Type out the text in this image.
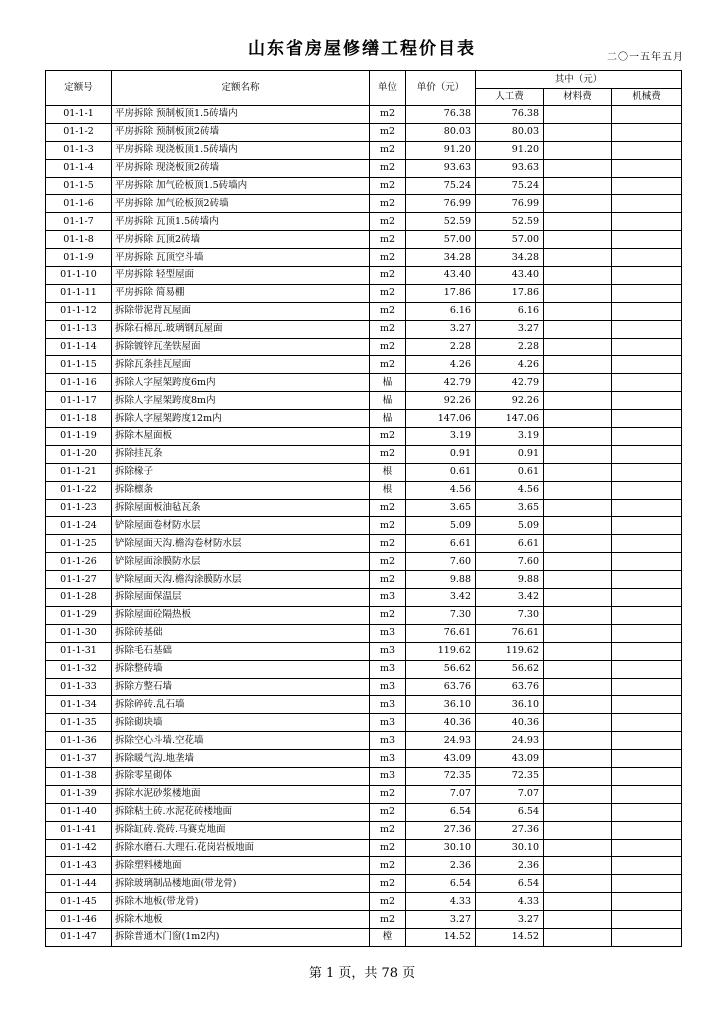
山东省房屋修缮工程价目表	二〇一五年五月
定额号	定额名称	单位	单价（元）	其中（元）		
				人工费	材料费	机械费
01-1-1	平房拆除 预制板顶1.5砖墙内	m2	76.38	76.38		
01-1-2	平房拆除 预制板顶2砖墙	m2	80.03	80.03		
01-1-3	平房拆除 现浇板顶1.5砖墙内	m2	91.20	91.20		
01-1-4	平房拆除 现浇板顶2砖墙	m2	93.63	93.63		
01-1-5	平房拆除 加气砼板顶1.5砖墙内	m2	75.24	75.24		
01-1-6	平房拆除 加气砼板顶2砖墙	m2	76.99	76.99		
01-1-7	平房拆除 瓦顶1.5砖墙内	m2	52.59	52.59		
01-1-8	平房拆除 瓦顶2砖墙	m2	57.00	57.00		
01-1-9	平房拆除 瓦顶空斗墙	m2	34.28	34.28		
01-1-10	平房拆除 轻型屋面	m2	43.40	43.40		
01-1-11	平房拆除 简易棚	m2	17.86	17.86		
01-1-12	拆除带泥背瓦屋面	m2	6.16	6.16		
01-1-13	拆除石棉瓦.玻璃钢瓦屋面	m2	3.27	3.27		
01-1-14	拆除镀锌瓦垄铁屋面	m2	2.28	2.28		
01-1-15	拆除瓦条挂瓦屋面	m2	4.26	4.26		
01-1-16	拆除人字屋架跨度6m内	榀	42.79	42.79		
01-1-17	拆除人字屋架跨度8m内	榀	92.26	92.26		
01-1-18	拆除人字屋架跨度12m内	榀	147.06	147.06		
01-1-19	拆除木屋面板	m2	3.19	3.19		
01-1-20	拆除挂瓦条	m2	0.91	0.91		
01-1-21	拆除椽子	根	0.61	0.61		
01-1-22	拆除檩条	根	4.56	4.56		
01-1-23	拆除屋面板油毡瓦条	m2	3.65	3.65		
01-1-24	铲除屋面卷材防水层	m2	5.09	5.09		
01-1-25	铲除屋面天沟.檐沟卷材防水层	m2	6.61	6.61		
01-1-26	铲除屋面涂膜防水层	m2	7.60	7.60		
01-1-27	铲除屋面天沟.檐沟涂膜防水层	m2	9.88	9.88		
01-1-28	拆除屋面保温层	m3	3.42	3.42		
01-1-29	拆除屋面砼隔热板	m2	7.30	7.30		
01-1-30	拆除砖基础	m3	76.61	76.61		
01-1-31	拆除毛石基础	m3	119.62	119.62		
01-1-32	拆除整砖墙	m3	56.62	56.62		
01-1-33	拆除方整石墙	m3	63.76	63.76		
01-1-34	拆除碎砖.乱石墙	m3	36.10	36.10		
01-1-35	拆除砌块墙	m3	40.36	40.36		
01-1-36	拆除空心斗墙.空花墙	m3	24.93	24.93		
01-1-37	拆除暖气沟.地垄墙	m3	43.09	43.09		
01-1-38	拆除零星砌体	m3	72.35	72.35		
01-1-39	拆除水泥砂浆楼地面	m2	7.07	7.07		
01-1-40	拆除粘土砖.水泥花砖楼地面	m2	6.54	6.54		
01-1-41	拆除缸砖.瓷砖.马赛克地面	m2	27.36	27.36		
01-1-42	拆除水磨石.大理石.花岗岩板地面	m2	30.10	30.10		
01-1-43	拆除塑料楼地面	m2	2.36	2.36		
01-1-44	拆除玻璃制品楼地面(带龙骨)	m2	6.54	6.54		
01-1-45	拆除木地板(带龙骨)	m2	4.33	4.33		
01-1-46	拆除木地板	m2	3.27	3.27		
01-1-47	拆除普通木门窗(1m2内)	樘	14.52	14.52		
第 1 页，共 78 页
